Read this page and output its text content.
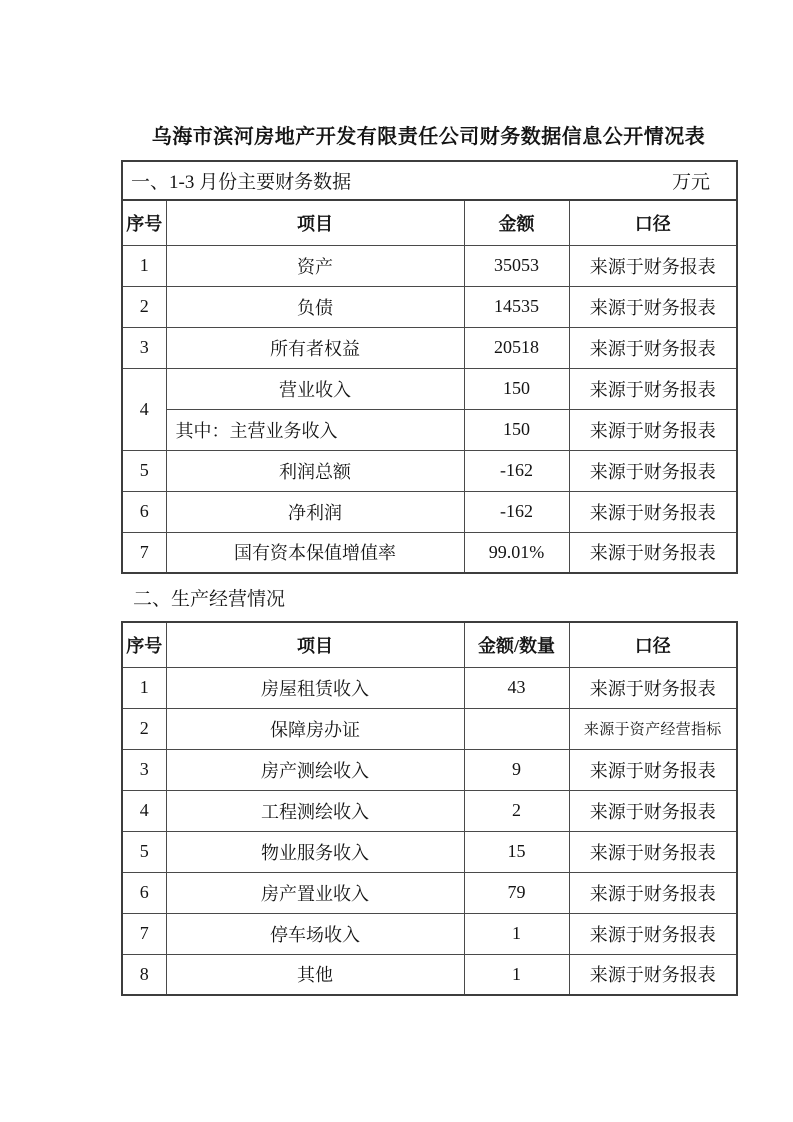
乌海市滨河房地产开发有限责任公司财务数据信息公开情况表
一、1-3 月份主要财务数据 万元			

序号	项目	金额	口径
1	资产	35053	来源于财务报表
2	负债	14535	来源于财务报表
3	所有者权益	20518	来源于财务报表
4	营业收入	150	来源于财务报表
	其中：主营业务收入	150	来源于财务报表
5	利润总额	-162	来源于财务报表
6	净利润	-162	来源于财务报表
7	国有资本保值增值率	99.01%	来源于财务报表
二、生产经营情况
序号	项目	金额/数量	口径
1	房屋租赁收入	43	来源于财务报表
2	保障房办证		来源于资产经营指标
3	房产测绘收入	9	来源于财务报表
4	工程测绘收入	2	来源于财务报表
5	物业服务收入	15	来源于财务报表
6	房产置业收入	79	来源于财务报表
7	停车场收入	1	来源于财务报表
8	其他	1	来源于财务报表
